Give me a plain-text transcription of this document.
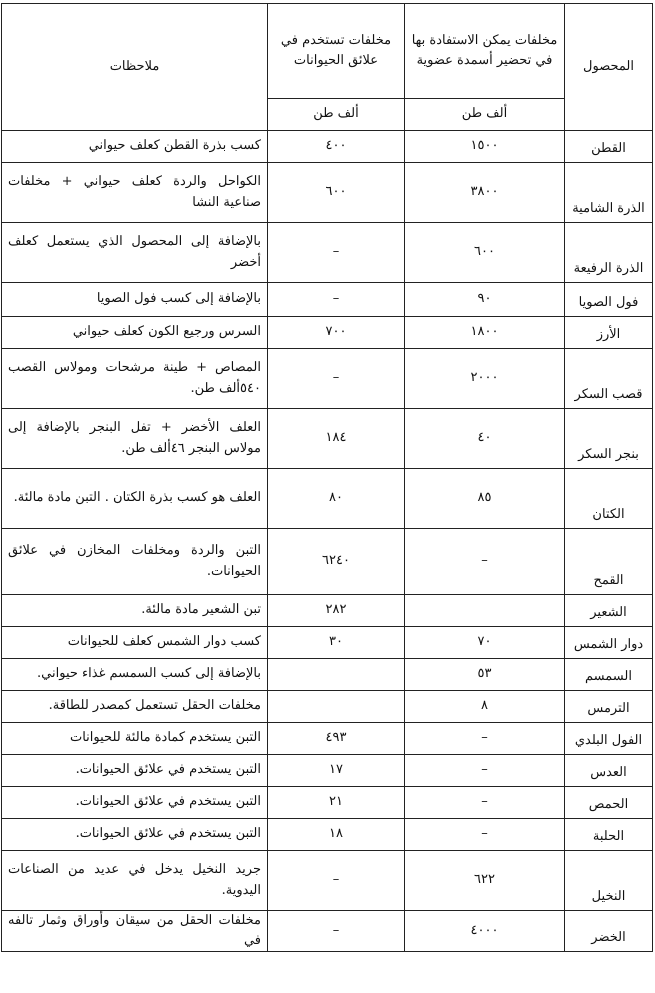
المحصول	مخلفات يمكن الاستفادة بها في تحضير أسمدة عضوية	مخلفات تستخدم في علائق الحيوانات	ملاحظات
	ألف طن	ألف طن	
القطن	١٥٠٠	٤٠٠	كسب بذرة القطن كعلف حيواني
الذرة الشامية	٣٨٠٠	٦٠٠	الكواحل والردة كعلف حيواني + مخلفات صناعية النشا
الذرة الرفيعة	٦٠٠	–	بالإضافة إلى المحصول الذي يستعمل كعلف أخضر
فول الصويا	٩٠	–	بالإضافة إلى كسب فول الصويا
الأرز	١٨٠٠	٧٠٠	السرس ورجيع الكون كعلف حيواني
قصب السكر	٢٠٠٠	–	المصاص + طينة مرشحات ومولاس القصب ٥٤٠ألف طن.
بنجر السكر	٤٠	١٨٤	العلف الأخضر + تفل البنجر بالإضافة إلى مولاس البنجر ٤٦ألف طن.
الكتان	٨٥	٨٠	العلف هو كسب بذرة الكتان . التبن مادة مالئة.
القمح	–	٦٢٤٠	التبن والردة ومخلفات المخازن في علائق الحيوانات.
الشعير		٢٨٢	تبن الشعير مادة مالئة.
دوار الشمس	٧٠	٣٠	كسب دوار الشمس كعلف للحيوانات
السمسم	٥٣		بالإضافة إلى كسب السمسم غذاء حيواني.
الترمس	٨		مخلفات الحقل تستعمل كمصدر للطاقة.
الفول البلدي	–	٤٩٣	التبن يستخدم كمادة مالئة للحيوانات
العدس	–	١٧	التبن يستخدم في علائق الحيوانات.
الحمص	–	٢١	التبن يستخدم في علائق الحيوانات.
الحلبة	–	١٨	التبن يستخدم في علائق الحيوانات.
النخيل	٦٢٢	–	جريد النخيل يدخل في عديد من الصناعات اليدوية.
الخضر	٤٠٠٠	–	مخلفات الحقل من سيقان وأوراق وثمار تالفه في
